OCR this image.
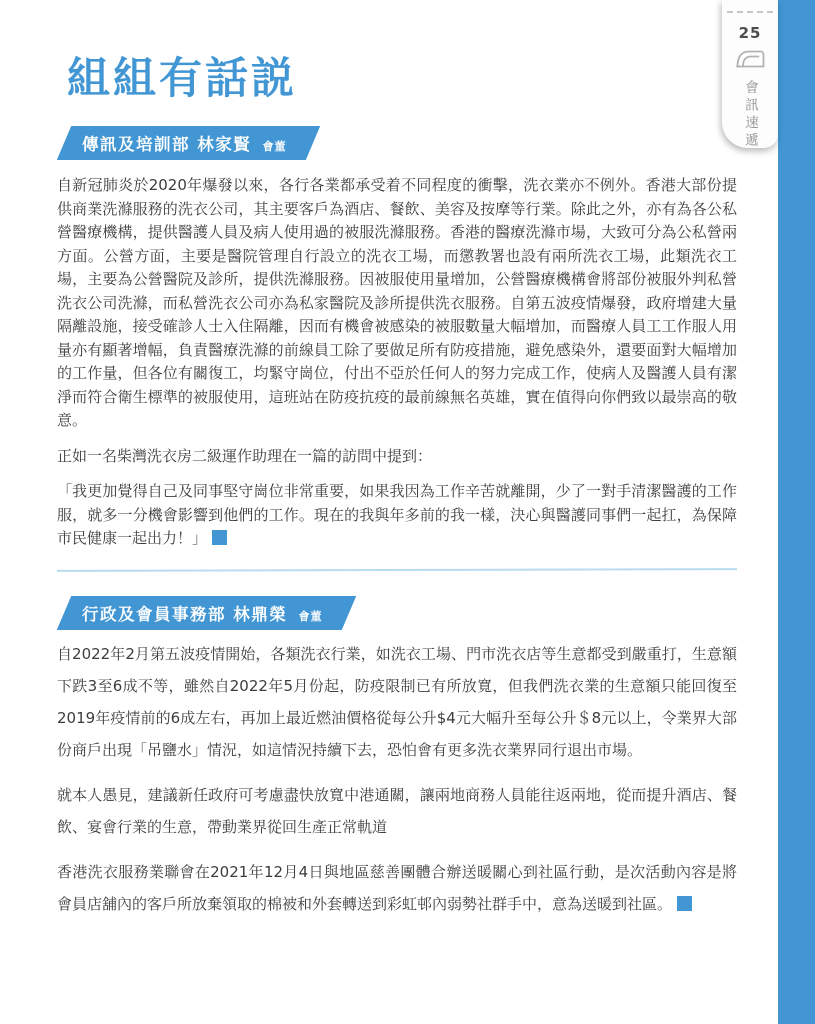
25
會訊速遞
組組有話説
傳訊及培訓部 林家賢 會董

自新冠肺炎於2020年爆發以來，各行各業都承受着不同程度的衝擊，洗衣業亦不例外。香港大部份提供商業洗滌服務的洗衣公司，其主要客戶為酒店、餐飲、美容及按摩等行業。除此之外，亦有為各公私營醫療機構，提供醫護人員及病人使用過的被服洗滌服務。香港的醫療洗滌市場，大致可分為公私營兩方面。公營方面，主要是醫院管理自行設立的洗衣工場，而懲教署也設有兩所洗衣工場，此類洗衣工場，主要為公營醫院及診所，提供洗滌服務。因被服使用量增加，公營醫療機構會將部份被服外判私營洗衣公司洗滌，而私營洗衣公司亦為私家醫院及診所提供洗衣服務。自第五波疫情爆發，政府增建大量隔離設施，接受確診人士入住隔離，因而有機會被感染的被服數量大幅增加，而醫療人員工工作服人用量亦有顯著增幅，負責醫療洗滌的前線員工除了要做足所有防疫措施，避免感染外，還要面對大幅增加的工作量，但各位有關復工，均緊守崗位，付出不亞於任何人的努力完成工作，使病人及醫護人員有潔淨而符合衛生標準的被服使用，這班站在防疫抗疫的最前線無名英雄，實在值得向你們致以最崇高的敬意。

正如一名柴灣洗衣房二級運作助理在一篇的訪問中提到：

「我更加覺得自己及同事堅守崗位非常重要，如果我因為工作辛苦就離開，少了一對手清潔醫護的工作服，就多一分機會影響到他們的工作。現在的我與年多前的我一樣，決心與醫護同事們一起扛，為保障市民健康一起出力！」

行政及會員事務部 林鼎榮 會董

自2022年2月第五波疫情開始，各類洗衣行業，如洗衣工場、門市洗衣店等生意都受到嚴重打，生意額下跌3至6成不等，雖然自2022年5月份起，防疫限制已有所放寬，但我們洗衣業的生意額只能回復至2019年疫情前的6成左右，再加上最近燃油價格從每公升$4元大幅升至每公升＄8元以上，令業界大部份商戶出現「吊鹽水」情況，如這情況持續下去，恐怕會有更多洗衣業界同行退出市場。

就本人愚見，建議新任政府可考慮盡快放寬中港通關，讓兩地商務人員能往返兩地，從而提升酒店、餐飲、宴會行業的生意，帶動業界從回生產正常軌道

香港洗衣服務業聯會在2021年12月4日與地區慈善團體合辦送暖關心到社區行動，是次活動內容是將會員店舖內的客戶所放棄領取的棉被和外套轉送到彩虹邨內弱勢社群手中，意為送暖到社區。
